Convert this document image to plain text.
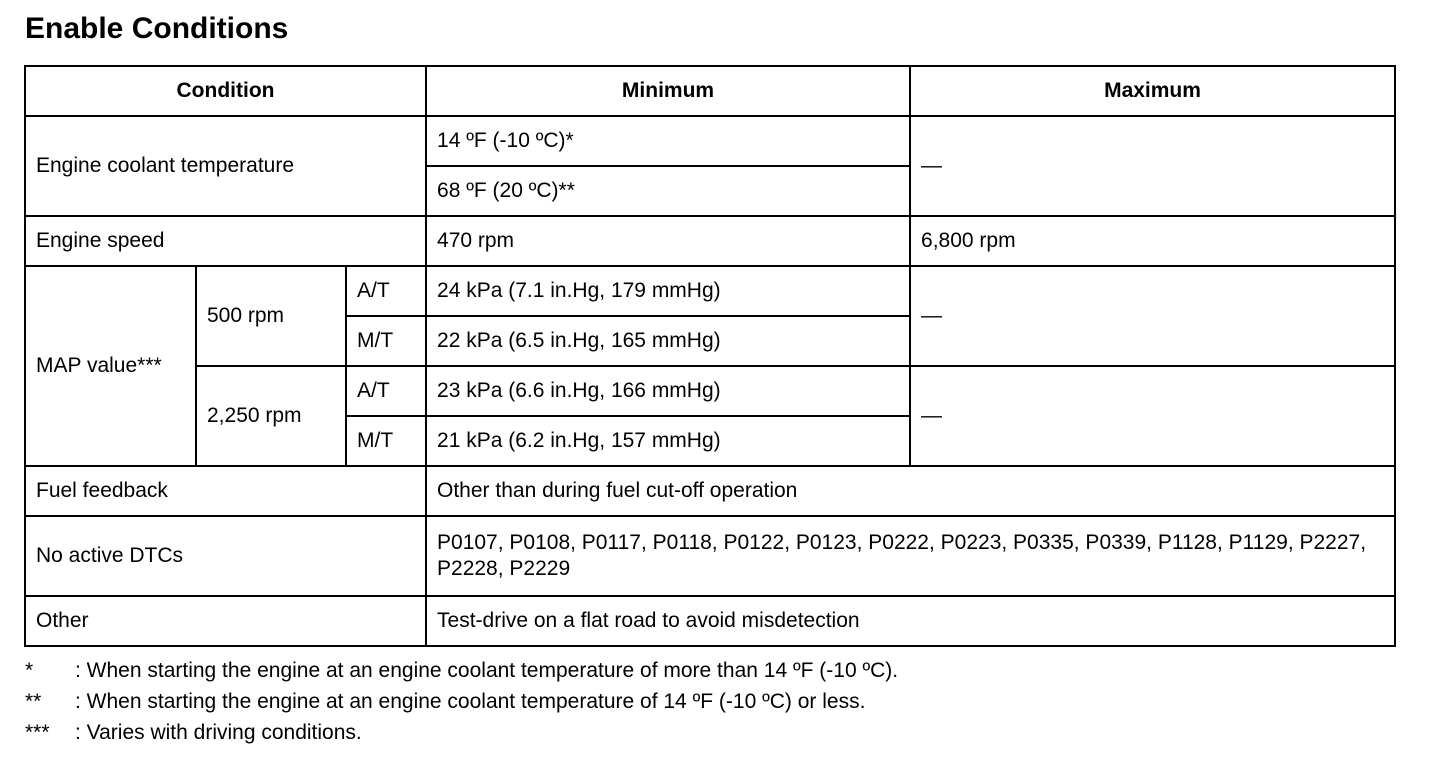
Enable Conditions
Condition			Minimum	Maximum
Engine coolant temperature			14 ºF (-10 ºC)*	—
			68 ºF (20 ºC)**	
Engine speed			470 rpm	6,800 rpm
MAP value***	500 rpm	A/T	24 kPa (7.1 in.Hg, 179 mmHg)	—
		M/T	22 kPa (6.5 in.Hg, 165 mmHg)	
	2,250 rpm	A/T	23 kPa (6.6 in.Hg, 166 mmHg)	—
		M/T	21 kPa (6.2 in.Hg, 157 mmHg)	
Fuel feedback			Other than during fuel cut-off operation	
No active DTCs			P0107, P0108, P0117, P0118, P0122, P0123, P0222, P0223, P0335, P0339, P1128, P1129, P2227, P2228, P2229	
Other			Test-drive on a flat road to avoid misdetection	
*	: When starting the engine at an engine coolant temperature of more than 14 ºF (-10 ºC).
**	: When starting the engine at an engine coolant temperature of 14 ºF (-10 ºC) or less.
***	: Varies with driving conditions.
